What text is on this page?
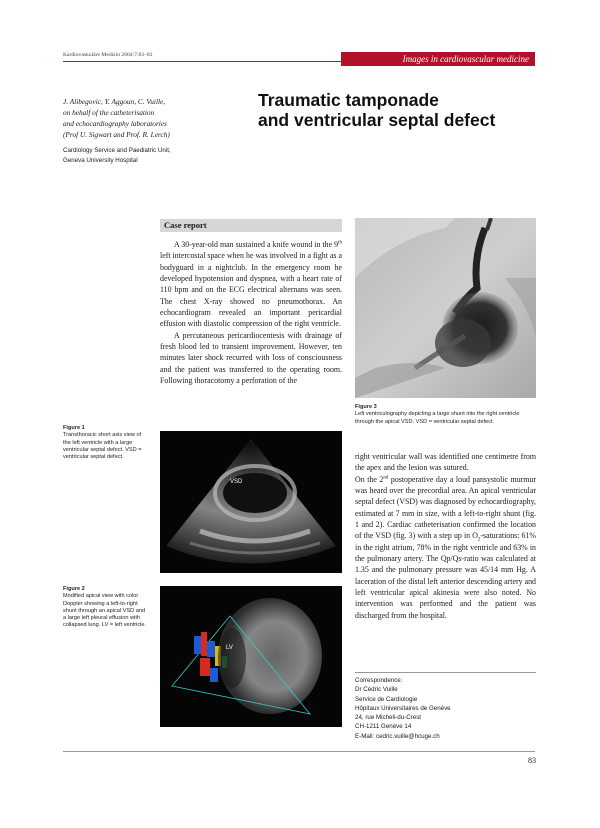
Kardiovaskuläre Medizin 2004;7:83–83	Images in cardiovascular medicine
J. Alibegovic, Y. Aggoun, C. Vuille,
on behalf of the catheterisation
and echocardiography laboratories
(Prof U. Sigwart and Prof. R. Lerch)
Cardiology Service and Paediatric Unit,
Geneva University Hospital
Traumatic tamponade
and ventricular septal defect
Figure 3
Left ventriculography depicting a large shunt into the right ventricle through the apical VSD. VSD = ventricular septal defect.
Case report

A 30-year-old man sustained a knife wound in the 9th left intercostal space when he was involved in a fight as a bodyguard in a nightclub. In the emergency room he developed hypotension and dyspnea, with a heart rate of 110 bpm and on the ECG electrical alternans was seen. The chest X-ray showed no pneumothorax. An echocardiogram revealed an important pericardial effusion with diastolic compression of the right ventricle.

A percutaneous pericardiocentesis with drainage of fresh blood led to transient improvement. However, ten minutes later shock recurred with loss of consciousness and the patient was transferred to the operating room. Following thoracotomy a perforation of the

Figure 1
Transthoracic short axis view of the left ventricle with a large ventricular septal defect. VSD = ventricular septal defect.
VSD
Figure 2
Modified apical view with color Doppler showing a left-to-right shunt through an apical VSD and a large left pleural effusion with collapsed lung. LV = left ventricle.
LV

right ventricular wall was identified one centimetre from the apex and the lesion was sutured.

On the 2nd postoperative day a loud pansystolic murmur was heard over the precordial area. An apical ventricular septal defect (VSD) was diagnosed by echocardiography, estimated at 7 mm in size, with a left-to-right shunt (fig. 1 and 2). Cardiac catheterisation confirmed the location of the VSD (fig. 3) with a step up in $O_2$-saturations: 61% in the right atrium, 78% in the right ventricle and 63% in the pulmonary artery. The Qp/Qs-ratio was calculated at 1.35 and the pulmonary pressure was 45/14 mm Hg. A laceration of the distal left anterior descending artery and left ventricular apical akinesia were also noted. No intervention was performed and the patient was discharged from the hospital.

Correspondence:
Dr Cédric Vuille
Service de Cardiologie
Hôpitaux Universitaires de Genève
24, rue Micheli-du-Crest
CH-1211 Genève 14
E-Mail: cedric.vuille@hcuge.ch
83
